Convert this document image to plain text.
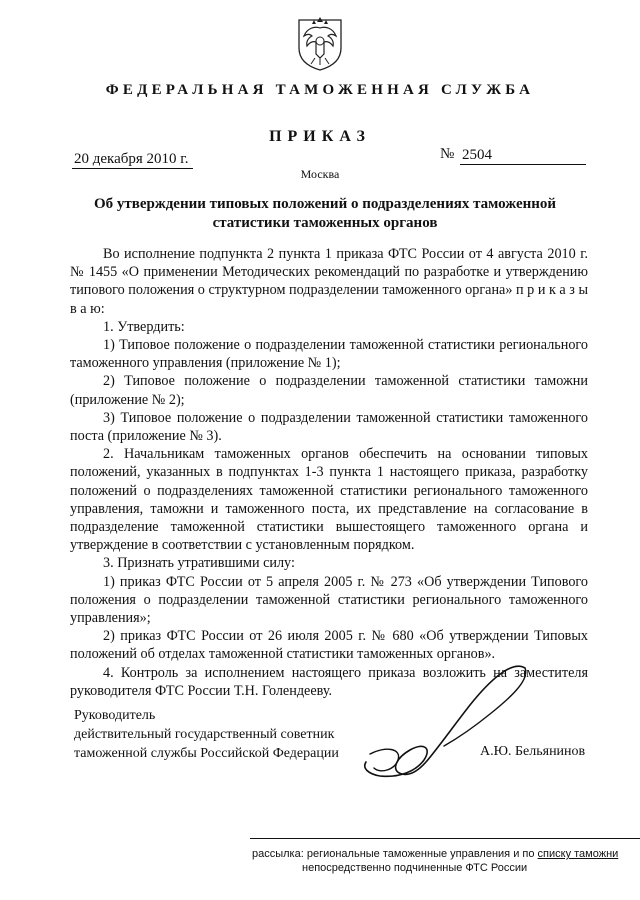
ФЕДЕРАЛЬНАЯ ТАМОЖЕННАЯ СЛУЖБА
ПРИКАЗ
20 декабря 2010 г.	№ 2504
Москва
Об утверждении типовых положений о подразделениях таможенной статистики таможенных органов

Во исполнение подпункта 2 пункта 1 приказа ФТС России от 4 августа 2010 г. № 1455 «О применении Методических рекомендаций по разработке и утверждению типового положения о структурном подразделении таможенного органа» п р и к а з ы в а ю:

1. Утвердить:

1) Типовое положение о подразделении таможенной статистики регионального таможенного управления (приложение № 1);

2) Типовое положение о подразделении таможенной статистики таможни (приложение № 2);

3) Типовое положение о подразделении таможенной статистики таможенного поста (приложение № 3).

2. Начальникам таможенных органов обеспечить на основании типовых положений, указанных в подпунктах 1-3 пункта 1 настоящего приказа, разработку положений о подразделениях таможенной статистики регионального таможенного управления, таможни и таможенного поста, их представление на согласование в подразделение таможенной статистики вышестоящего таможенного органа и утверждение в соответствии с установленным порядком.

3. Признать утратившими силу:

1) приказ ФТС России от 5 апреля 2005 г. № 273 «Об утверждении Типового положения о подразделении таможенной статистики регионального таможенного управления»;

2) приказ ФТС России от 26 июля 2005 г. № 680 «Об утверждении Типовых положений об отделах таможенной статистики таможенных органов».

4. Контроль за исполнением настоящего приказа возложить на заместителя руководителя ФТС России Т.Н. Голендееву.

Руководитель
действительный государственный советник
таможенной службы Российской Федерации	А.Ю. Бельянинов
рассылка: региональные таможенные управления и по списку таможни
непосредственно подчиненные ФТС России
